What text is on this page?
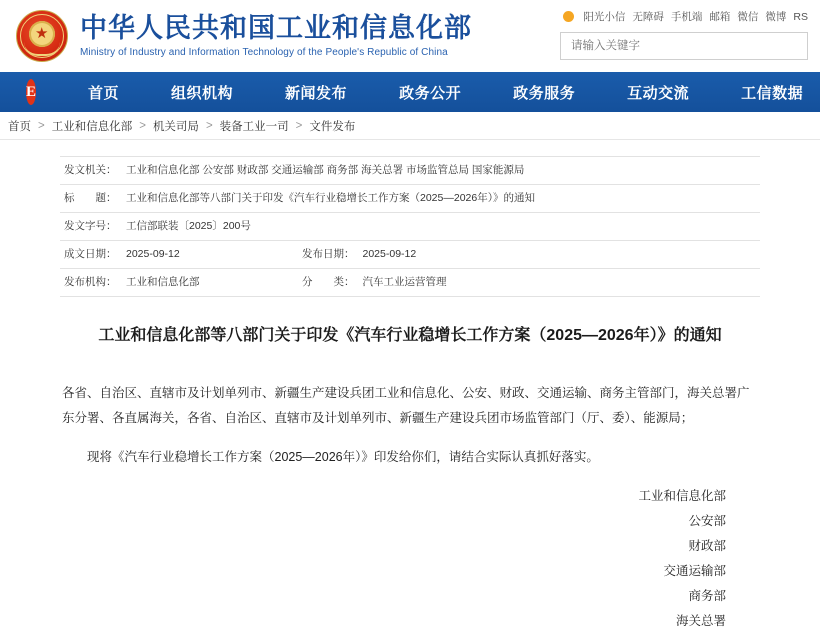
★ 中华人民共和国工业和信息化部
Ministry of Industry and Information Technology of the People's Republic of China
阳光小信 无障碍 手机端 邮箱 微信 微博 RS
请输入关键字
E	首页	组织机构	新闻发布	政务公开	政务服务	互动交流	工信数据
首页 > 工业和信息化部 > 机关司局 > 装备工业一司 > 文件发布
发文机关：	工业和信息化部 公安部 财政部 交通运输部 商务部 海关总署 市场监管总局 国家能源局		
标　　题：	工业和信息化部等八部门关于印发《汽车行业稳增长工作方案（2025—2026年）》的通知		
发文字号：	工信部联装〔2025〕200号		
成文日期：	2025-09-12	发布日期：	2025-09-12
发布机构：	工业和信息化部	分　　类：	汽车工业运营管理
工业和信息化部等八部门关于印发《汽车行业稳增长工作方案（2025—2026年）》的通知

各省、自治区、直辖市及计划单列市、新疆生产建设兵团工业和信息化、公安、财政、交通运输、商务主管部门，海关总署广东分署、各直属海关，各省、自治区、直辖市及计划单列市、新疆生产建设兵团市场监管部门（厅、委）、能源局；

现将《汽车行业稳增长工作方案（2025—2026年）》印发给你们，请结合实际认真抓好落实。

工业和信息化部
公安部
财政部
交通运输部
商务部
海关总署
